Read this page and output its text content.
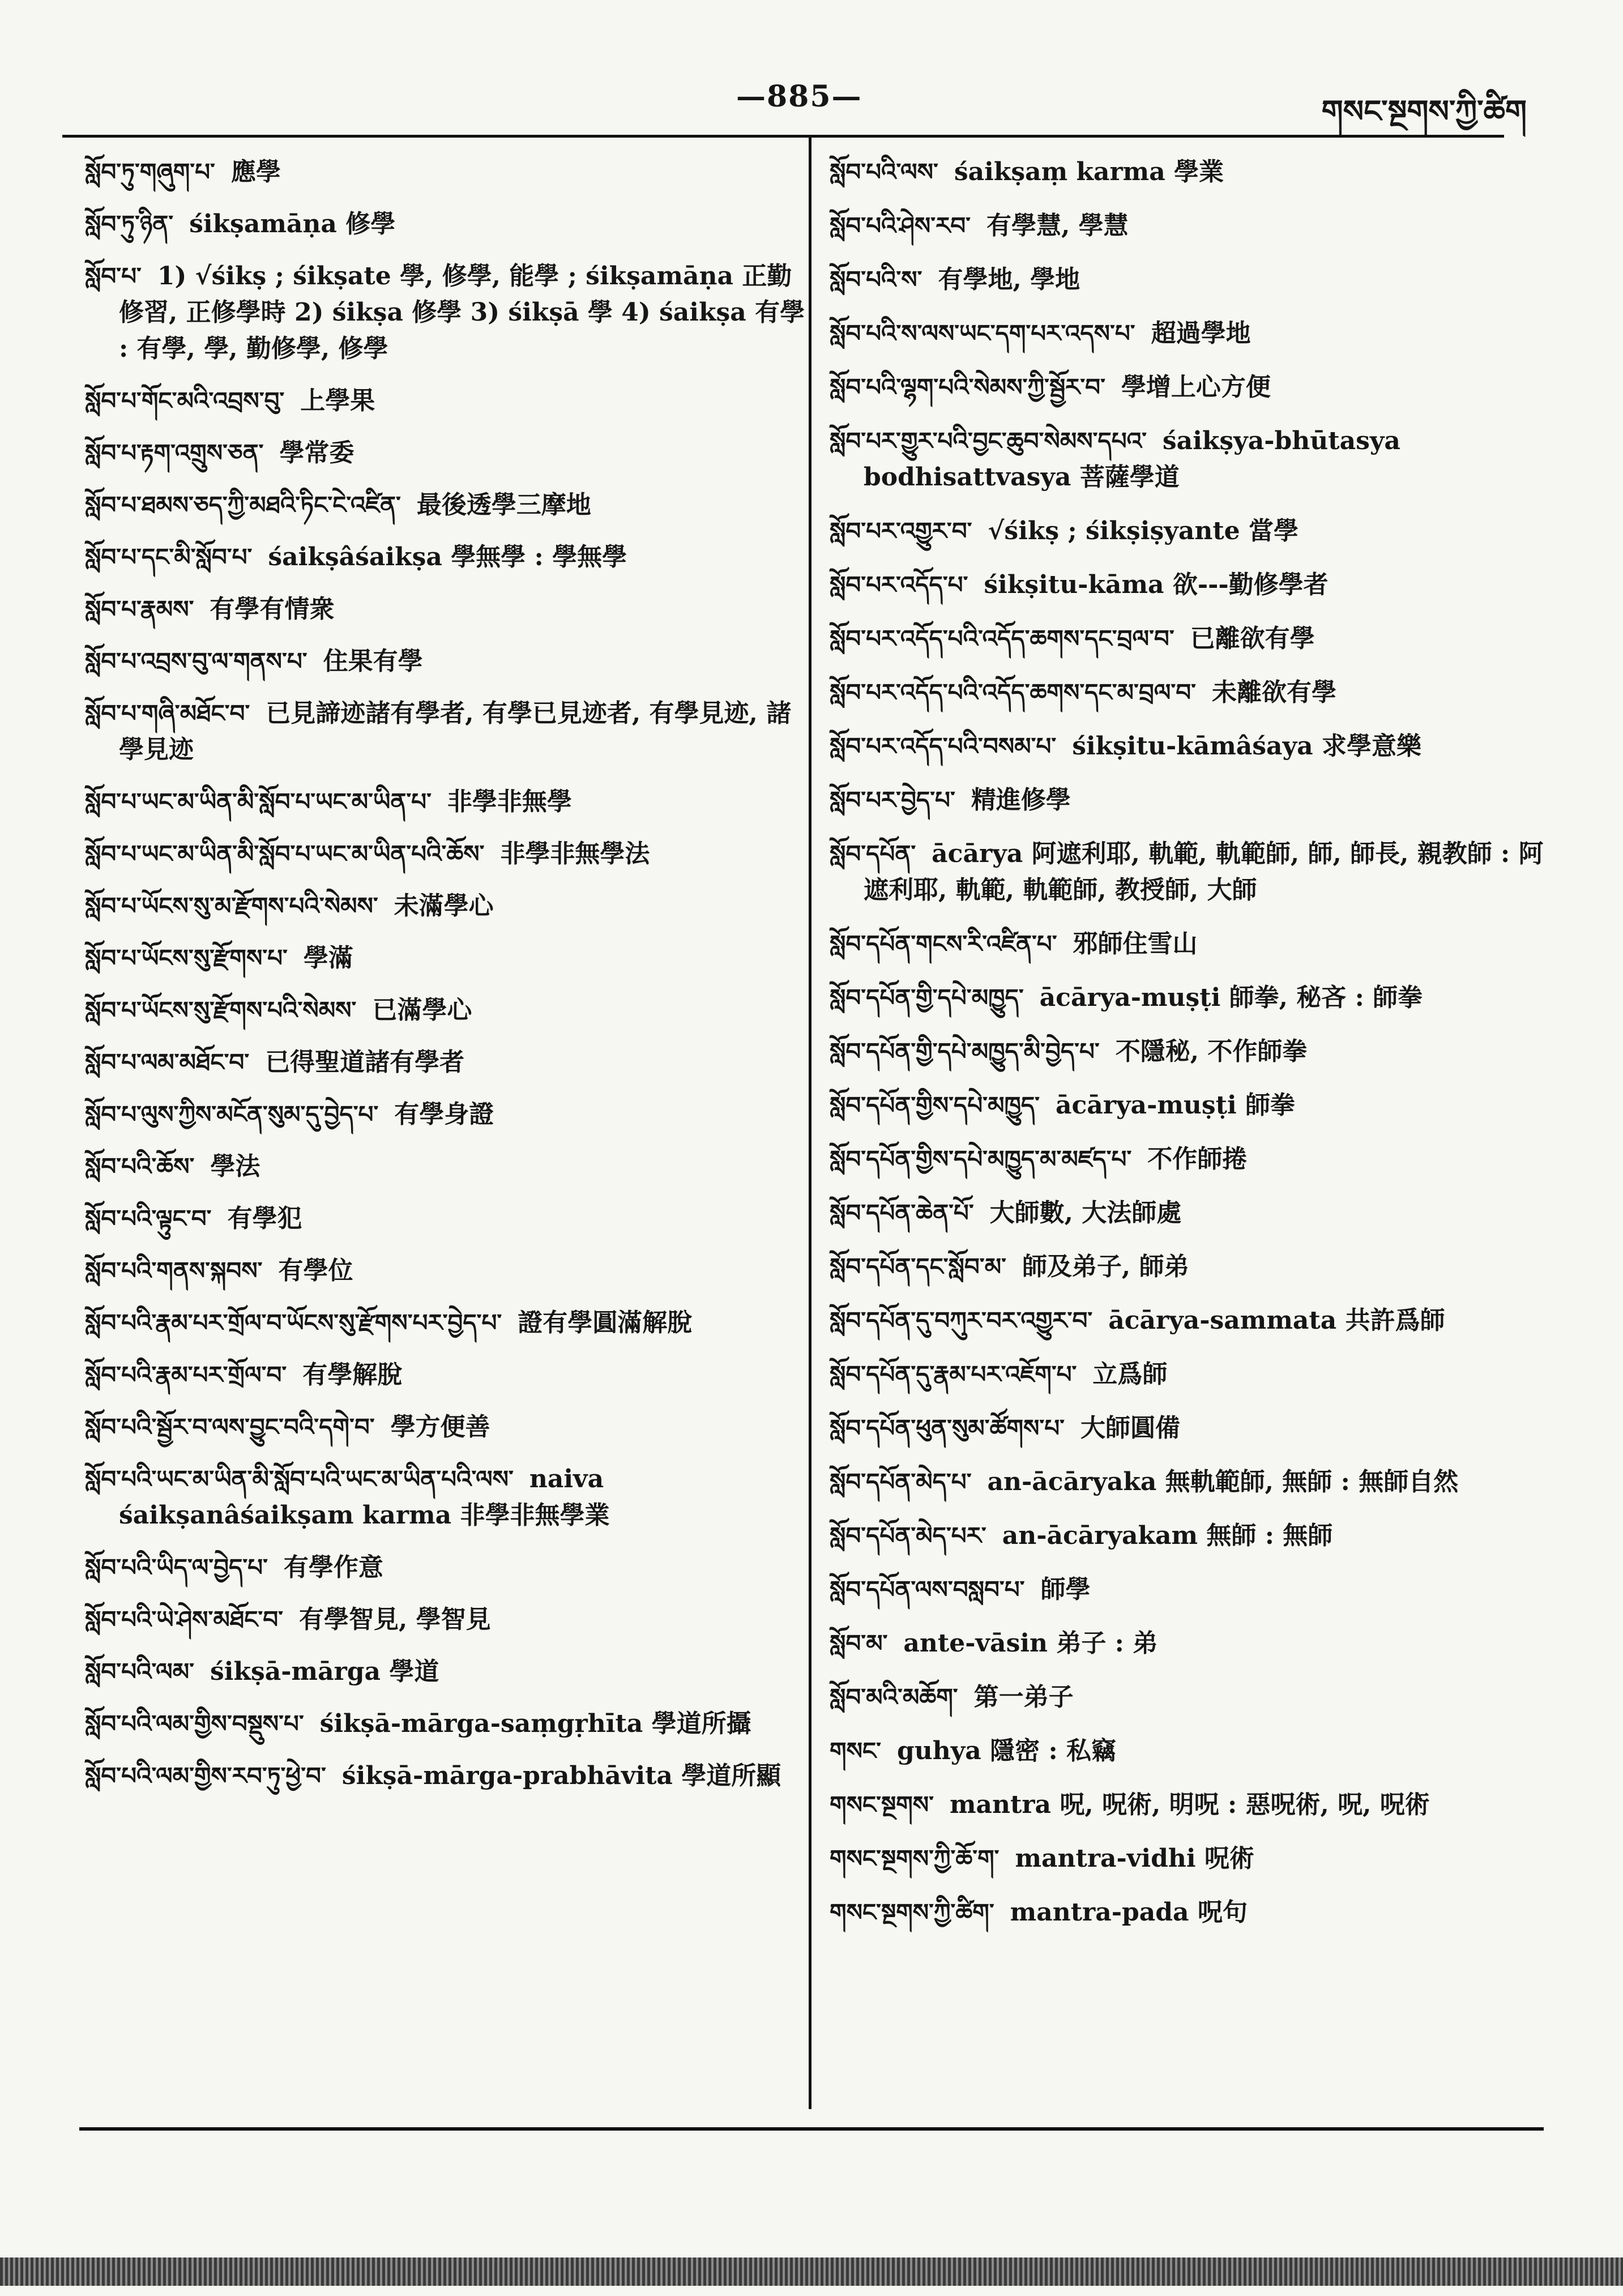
—885—	གསང་སྔགས་ཀྱི་ཚིག
སློབ་ཏུ་གཞུག་པ་ 應學
སློབ་ཏུ་ཉིན་ śikṣamāṇa 修學
སློབ་པ་ 1) √śikṣ ; śikṣate 學, 修學, 能學 ; śikṣamāṇa 正勤修習, 正修學時 2) śikṣa 修學 3) śikṣā 學 4) śaikṣa 有學 : 有學, 學, 勤修學, 修學
སློབ་པ་གོང་མའི་འབྲས་བུ་ 上學果
སློབ་པ་རྟག་འགྲུས་ཅན་ 學常委
སློབ་པ་ཐམས་ཅད་ཀྱི་མཐའི་ཏིང་ངེ་འཛིན་ 最後透學三摩地
སློབ་པ་དང་མི་སློབ་པ་ śaikṣâśaikṣa 學無學 : 學無學
སློབ་པ་རྣམས་ 有學有情衆
སློབ་པ་འབྲས་བུ་ལ་གནས་པ་ 住果有學
སློབ་པ་གཞི་མཐོང་བ་ 已見諦迹諸有學者, 有學已見迹者, 有學見迹, 諸學見迹
སློབ་པ་ཡང་མ་ཡིན་མི་སློབ་པ་ཡང་མ་ཡིན་པ་ 非學非無學
སློབ་པ་ཡང་མ་ཡིན་མི་སློབ་པ་ཡང་མ་ཡིན་པའི་ཆོས་ 非學非無學法
སློབ་པ་ཡོངས་སུ་མ་རྫོགས་པའི་སེམས་ 未滿學心
སློབ་པ་ཡོངས་སུ་རྫོགས་པ་ 學滿
སློབ་པ་ཡོངས་སུ་རྫོགས་པའི་སེམས་ 已滿學心
སློབ་པ་ལམ་མཐོང་བ་ 已得聖道諸有學者
སློབ་པ་ལུས་ཀྱིས་མངོན་སུམ་དུ་བྱེད་པ་ 有學身證
སློབ་པའི་ཆོས་ 學法
སློབ་པའི་ལྟུང་བ་ 有學犯
སློབ་པའི་གནས་སྐབས་ 有學位
སློབ་པའི་རྣམ་པར་གྲོལ་བ་ཡོངས་སུ་རྫོགས་པར་བྱེད་པ་ 證有學圓滿解脫
སློབ་པའི་རྣམ་པར་གྲོལ་བ་ 有學解脫
སློབ་པའི་སྦྱོར་བ་ལས་བྱུང་བའི་དགེ་བ་ 學方便善
སློབ་པའི་ཡང་མ་ཡིན་མི་སློབ་པའི་ཡང་མ་ཡིན་པའི་ལས་ naiva śaikṣanâśaikṣam karma 非學非無學業
སློབ་པའི་ཡིད་ལ་བྱེད་པ་ 有學作意
སློབ་པའི་ཡེ་ཤེས་མཐོང་བ་ 有學智見, 學智見
སློབ་པའི་ལམ་ śikṣā-mārga 學道
སློབ་པའི་ལམ་གྱིས་བསྡུས་པ་ śikṣā-mārga-saṃgṛhīta 學道所攝
སློབ་པའི་ལམ་གྱིས་རབ་ཏུ་ཕྱེ་བ་ śikṣā-mārga-prabhāvita 學道所顯
སློབ་པའི་ལས་ śaikṣaṃ karma 學業
སློབ་པའི་ཤེས་རབ་ 有學慧, 學慧
སློབ་པའི་ས་ 有學地, 學地
སློབ་པའི་ས་ལས་ཡང་དག་པར་འདས་པ་ 超過學地
སློབ་པའི་ལྷག་པའི་སེམས་ཀྱི་སྦྱོར་བ་ 學增上心方便
སློབ་པར་གྱུར་པའི་བྱང་ཆུབ་སེམས་དཔའ་ śaikṣya-bhūtasya bodhisattvasya 菩薩學道
སློབ་པར་འགྱུར་བ་ √śikṣ ; śikṣiṣyante 當學
སློབ་པར་འདོད་པ་ śikṣitu-kāma 欲---勤修學者
སློབ་པར་འདོད་པའི་འདོད་ཆགས་དང་བྲལ་བ་ 已離欲有學
སློབ་པར་འདོད་པའི་འདོད་ཆགས་དང་མ་བྲལ་བ་ 未離欲有學
སློབ་པར་འདོད་པའི་བསམ་པ་ śikṣitu-kāmâśaya 求學意樂
སློབ་པར་བྱེད་པ་ 精進修學
སློབ་དཔོན་ ācārya 阿遮利耶, 軌範, 軌範師, 師, 師長, 親教師 : 阿遮利耶, 軌範, 軌範師, 教授師, 大師
སློབ་དཔོན་གངས་རི་འཛིན་པ་ 邪師住雪山
སློབ་དཔོན་གྱི་དཔེ་མཁྱུད་ ācārya-muṣṭi 師拳, 秘吝 : 師拳
སློབ་དཔོན་གྱི་དཔེ་མཁྱུད་མི་བྱེད་པ་ 不隱秘, 不作師拳
སློབ་དཔོན་གྱིས་དཔེ་མཁྱུད་ ācārya-muṣṭi 師拳
སློབ་དཔོན་གྱིས་དཔེ་མཁྱུད་མ་མཛད་པ་ 不作師捲
སློབ་དཔོན་ཆེན་པོ་ 大師數, 大法師處
སློབ་དཔོན་དང་སློབ་མ་ 師及弟子, 師弟
སློབ་དཔོན་དུ་བཀུར་བར་འགྱུར་བ་ ācārya-sammata 共許爲師
སློབ་དཔོན་དུ་རྣམ་པར་འཇོག་པ་ 立爲師
སློབ་དཔོན་ཕུན་སུམ་ཚོགས་པ་ 大師圓備
སློབ་དཔོན་མེད་པ་ an-ācāryaka 無軌範師, 無師 : 無師自然
སློབ་དཔོན་མེད་པར་ an-ācāryakam 無師 : 無師
སློབ་དཔོན་ལས་བསླབ་པ་ 師學
སློབ་མ་ ante-vāsin 弟子 : 弟
སློབ་མའི་མཆོག་ 第一弟子
གསང་ guhya 隱密 : 私竊
གསང་སྔགས་ mantra 呪, 呪術, 明呪 : 惡呪術, 呪, 呪術
གསང་སྔགས་ཀྱི་ཆོ་ག་ mantra-vidhi 呪術
གསང་སྔགས་ཀྱི་ཚིག་ mantra-pada 呪句
